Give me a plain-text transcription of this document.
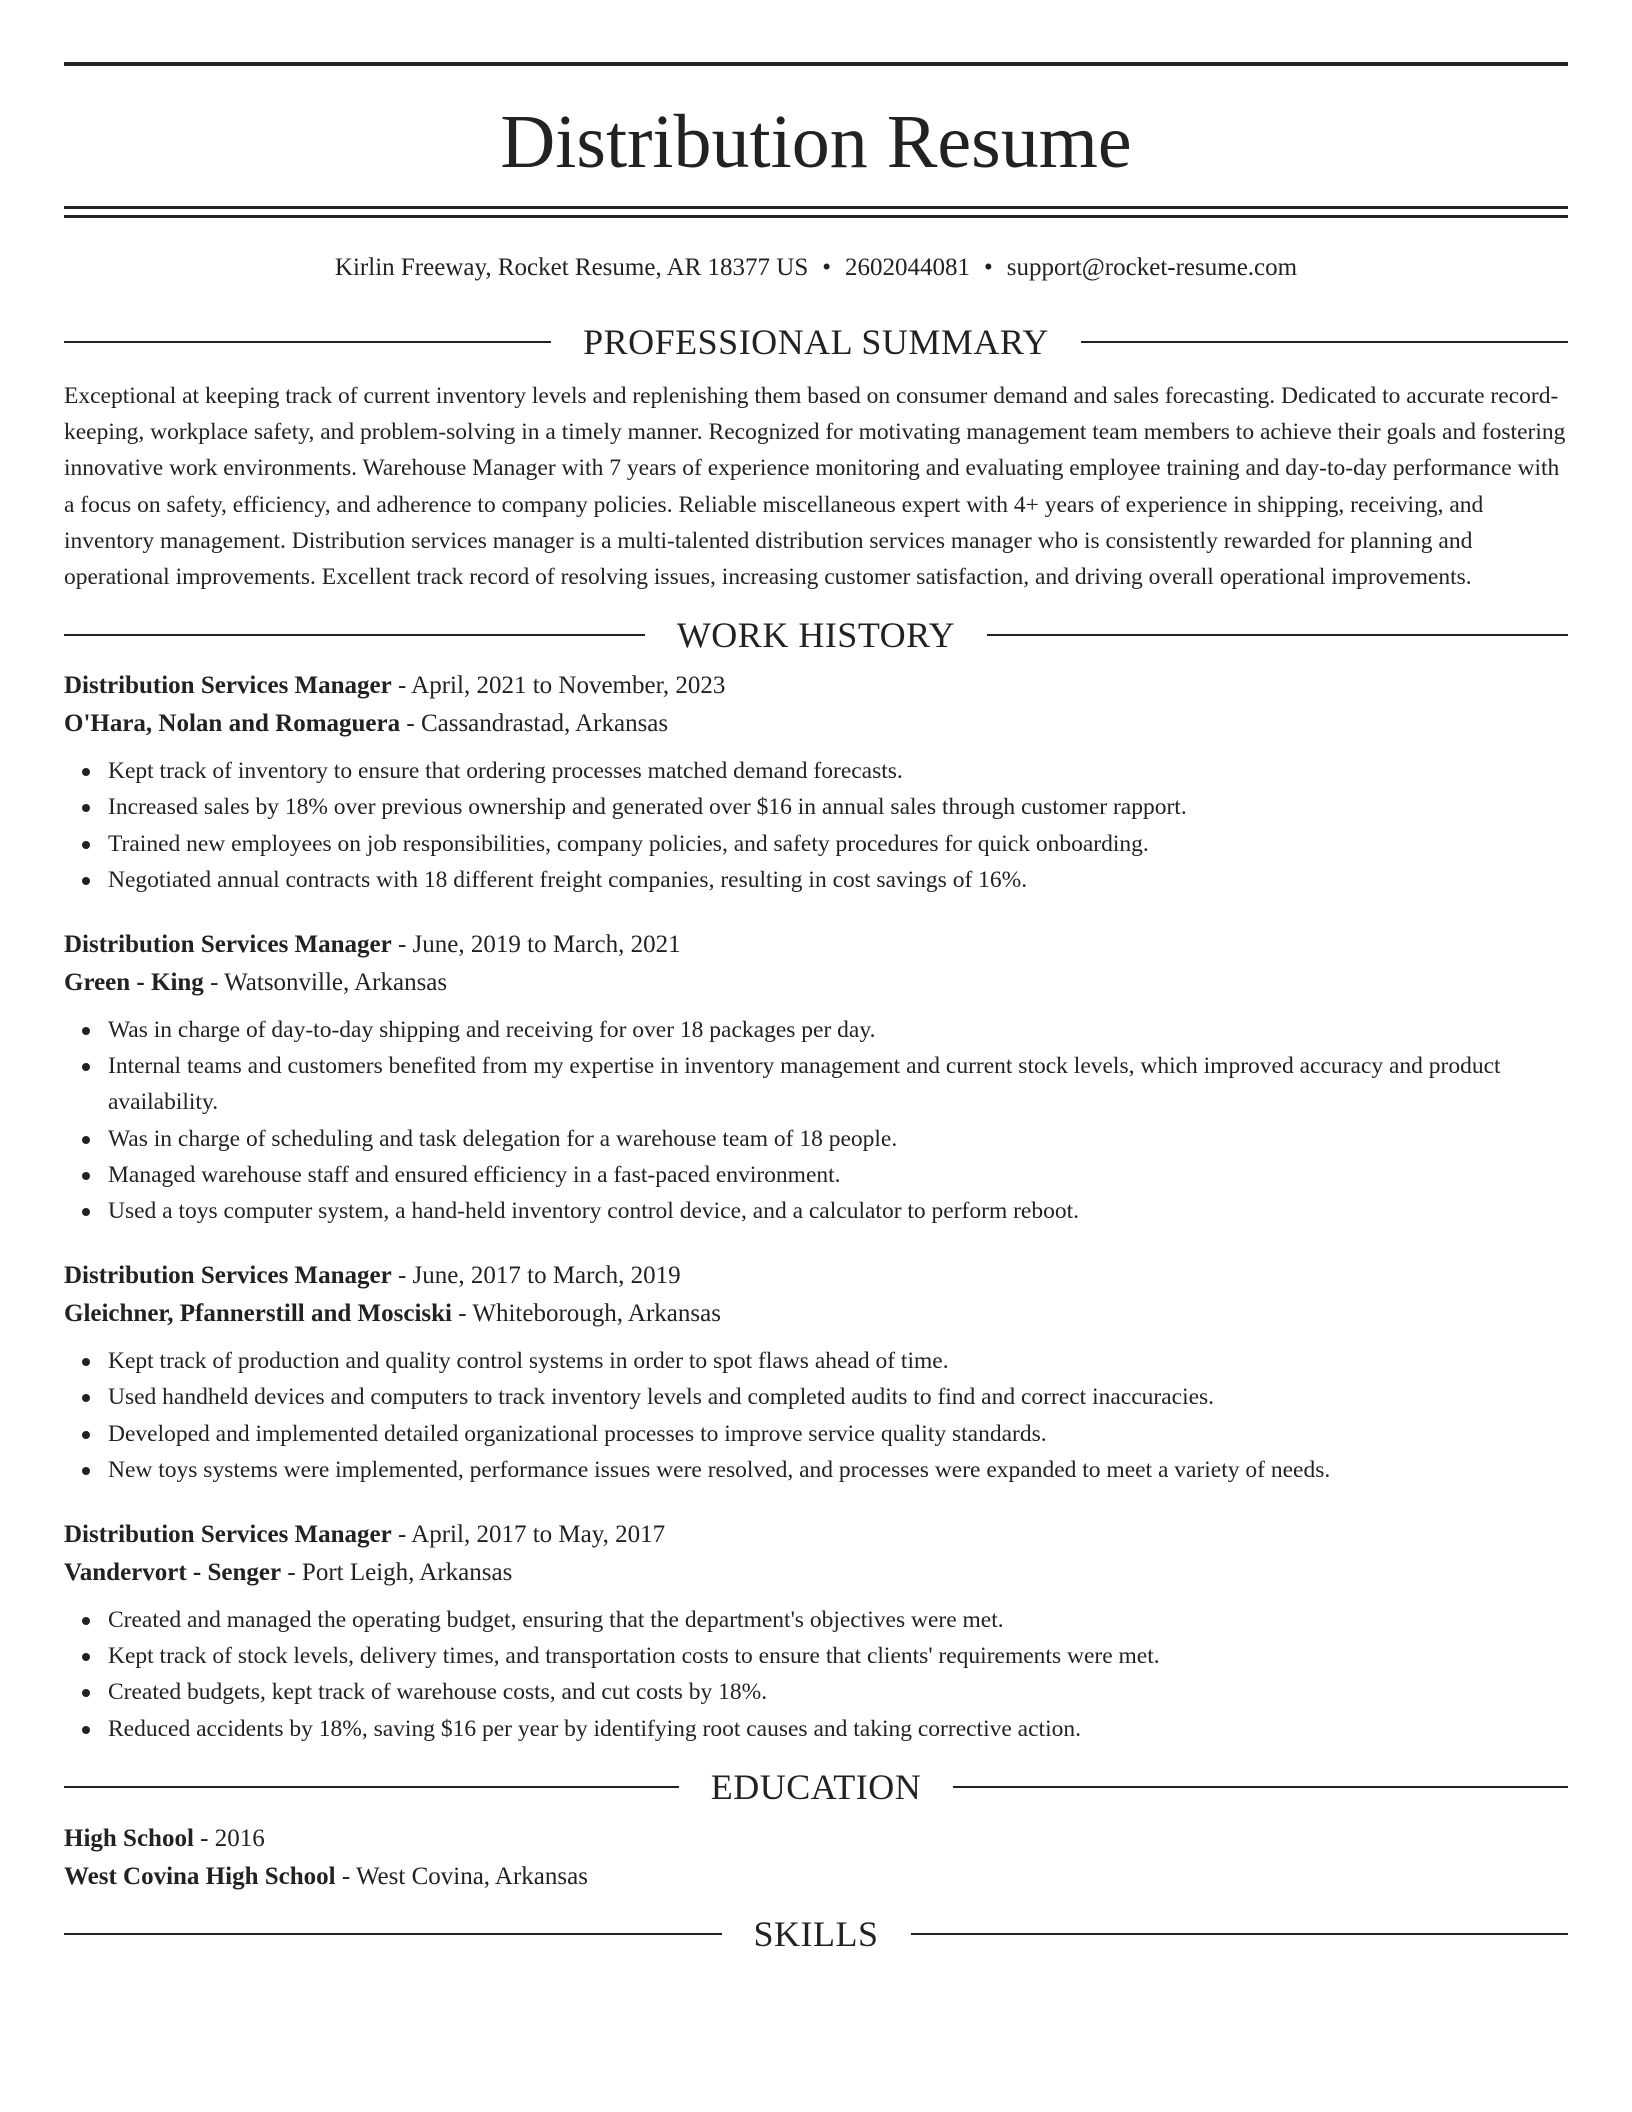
Distribution Resume

Kirlin Freeway, Rocket Resume, AR 18377 US • 2602044081 • support@rocket-resume.com

PROFESSIONAL SUMMARY

Exceptional at keeping track of current inventory levels and replenishing them based on consumer demand and sales forecasting. Dedicated to accurate record-keeping, workplace safety, and problem-solving in a timely manner. Recognized for motivating management team members to achieve their goals and fostering innovative work environments. Warehouse Manager with 7 years of experience monitoring and evaluating employee training and day-to-day performance with a focus on safety, efficiency, and adherence to company policies. Reliable miscellaneous expert with 4+ years of experience in shipping, receiving, and inventory management. Distribution services manager is a multi-talented distribution services manager who is consistently rewarded for planning and operational improvements. Excellent track record of resolving issues, increasing customer satisfaction, and driving overall operational improvements.

WORK HISTORY

Distribution Services Manager - April, 2021 to November, 2023

O'Hara, Nolan and Romaguera - Cassandrastad, Arkansas

Kept track of inventory to ensure that ordering processes matched demand forecasts.
Increased sales by 18% over previous ownership and generated over $16 in annual sales through customer rapport.
Trained new employees on job responsibilities, company policies, and safety procedures for quick onboarding.
Negotiated annual contracts with 18 different freight companies, resulting in cost savings of 16%.

Distribution Services Manager - June, 2019 to March, 2021

Green - King - Watsonville, Arkansas

Was in charge of day-to-day shipping and receiving for over 18 packages per day.
Internal teams and customers benefited from my expertise in inventory management and current stock levels, which improved accuracy and product availability.
Was in charge of scheduling and task delegation for a warehouse team of 18 people.
Managed warehouse staff and ensured efficiency in a fast-paced environment.
Used a toys computer system, a hand-held inventory control device, and a calculator to perform reboot.

Distribution Services Manager - June, 2017 to March, 2019

Gleichner, Pfannerstill and Mosciski - Whiteborough, Arkansas

Kept track of production and quality control systems in order to spot flaws ahead of time.
Used handheld devices and computers to track inventory levels and completed audits to find and correct inaccuracies.
Developed and implemented detailed organizational processes to improve service quality standards.
New toys systems were implemented, performance issues were resolved, and processes were expanded to meet a variety of needs.

Distribution Services Manager - April, 2017 to May, 2017

Vandervort - Senger - Port Leigh, Arkansas

Created and managed the operating budget, ensuring that the department's objectives were met.
Kept track of stock levels, delivery times, and transportation costs to ensure that clients' requirements were met.
Created budgets, kept track of warehouse costs, and cut costs by 18%.
Reduced accidents by 18%, saving $16 per year by identifying root causes and taking corrective action.
EDUCATION

High School - 2016

West Covina High School - West Covina, Arkansas

SKILLS
